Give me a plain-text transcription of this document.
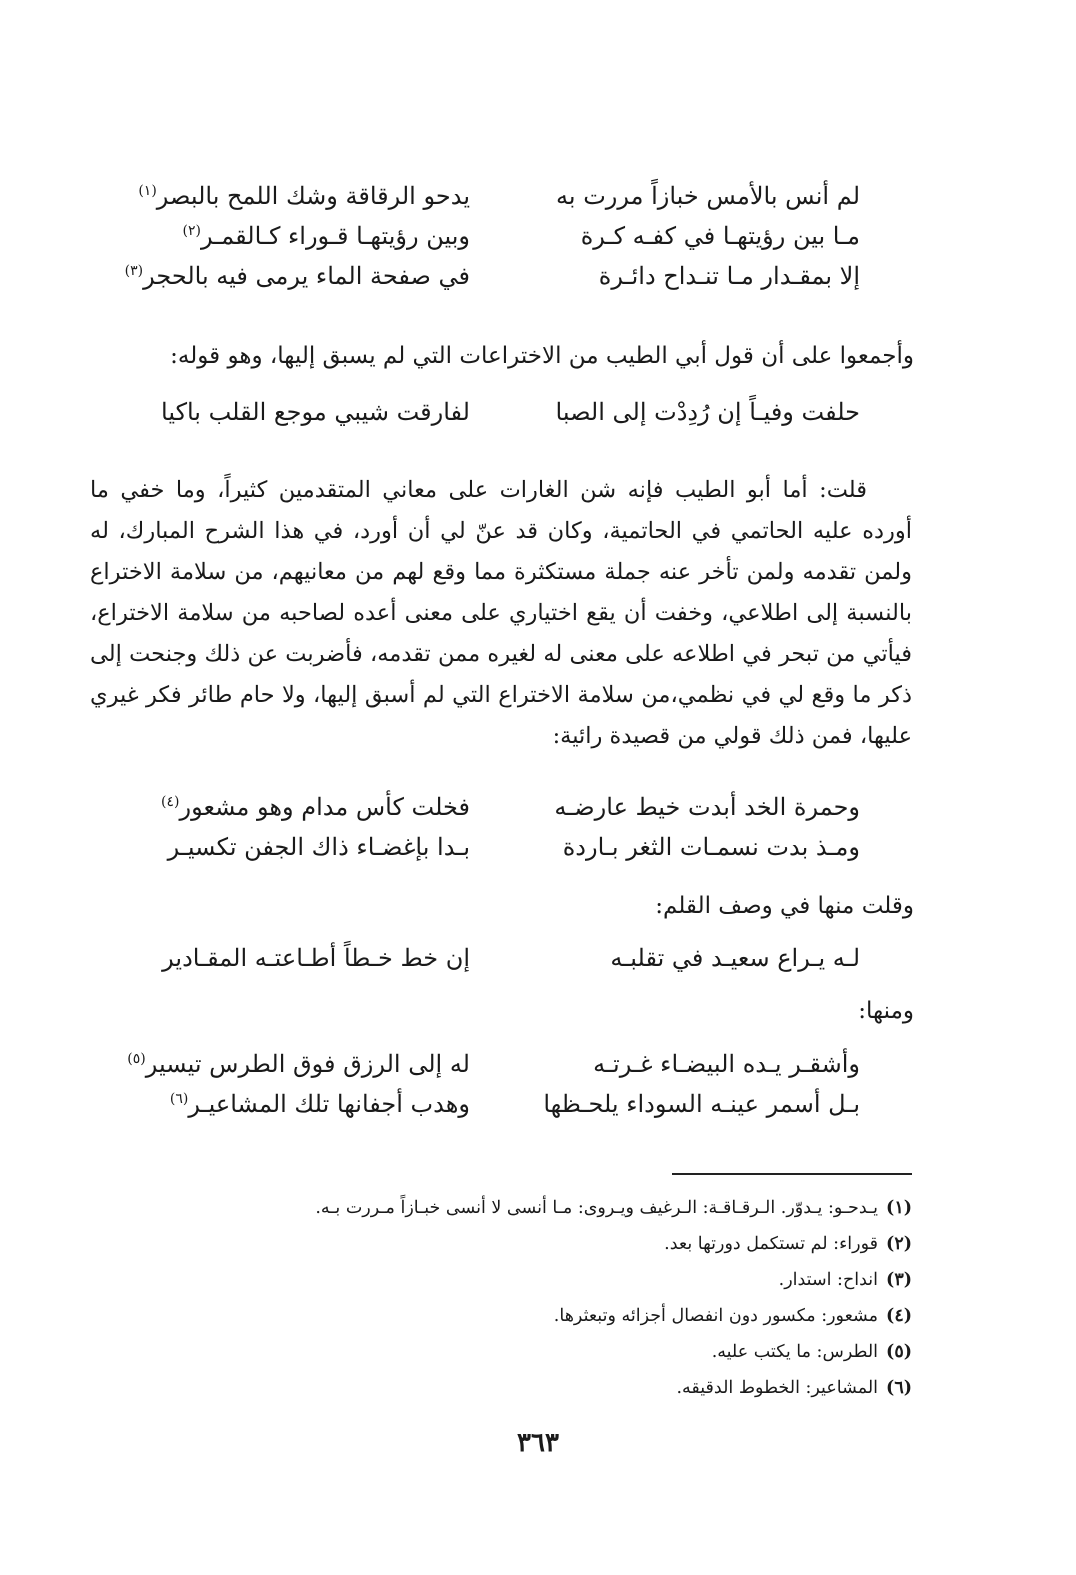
لم أنس بالأمس خبازاً مررت به
يدحو الرقاقة وشك اللمح بالبصر$^{(١)}$
مـا بين رؤيتهـا في كفـه كـرة
وبين رؤيتهـا قـوراء كـالقمـر$^{(٢)}$
إلا بمقـدار مـا تنـداح دائـرة
في صفحة الماء يرمى فيه بالحجر$^{(٣)}$
وأجمعوا على أن قول أبي الطيب من الاختراعات التي لم يسبق إليها، وهو قوله:
حلفت وفيـاً إن رُدِدْت إلى الصبا
لفارقت شيبي موجع القلب باكيا

قلت: أما أبو الطيب فإنه شن الغارات على معاني المتقدمين كثيراً، وما خفي ما أورده عليه الحاتمي في الحاتمية، وكان قد عنّ لي أن أورد، في هذا الشرح المبارك، له ولمن تقدمه ولمن تأخر عنه جملة مستكثرة مما وقع لهم من معانيهم، من سلامة الاختراع بالنسبة إلى اطلاعي، وخفت أن يقع اختياري على معنى أعده لصاحبه من سلامة الاختراع، فيأتي من تبحر في اطلاعه على معنى له لغيره ممن تقدمه، فأضربت عن ذلك وجنحت إلى ذكر ما وقع لي في نظمي،من سلامة الاختراع التي لم أسبق إليها، ولا حام طائر فكر غيري عليها، فمن ذلك قولي من قصيدة رائية:

وحمرة الخد أبدت خيط عارضـه
فخلت كأس مدام وهو مشعور$^{(٤)}$
ومـذ بدت نسمـات الثغر بـاردة
بـدا بإغضـاء ذاك الجفن تكسيـر
وقلت منها في وصف القلم:
لـه يـراع سعيـد في تقلبـه
إن خط خـطاً أطـاعتـه المقـادير
ومنها:
وأشقـر يـده البيضـاء غـرتـه
له إلى الرزق فوق الطرس تيسير$^{(٥)}$
بـل أسمر عينـه السوداء يلحـظها
وهدب أجفانها تلك المشاعيـر$^{(٦)}$
(١)يـدحـو: يـدوّر. الـرقـاقـة: الـرغيف ويـروى: مـا أنسى لا أنسى خبـازاً مـررت بـه.
(٢)قوراء: لم تستكمل دورتها بعد.
(٣)انداح: استدار.
(٤)مشعور: مكسور دون انفصال أجزائه وتبعثرها.
(٥)الطرس: ما يكتب عليه.
(٦)المشاعير: الخطوط الدقيقه.
٣٦٣
